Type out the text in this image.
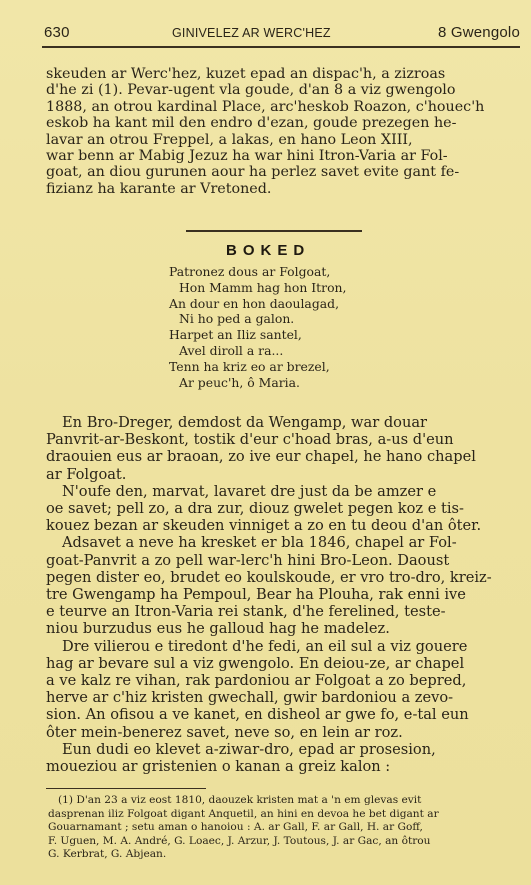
630	GINIVELEZ AR WERC'HEZ	8 Gwengolo

skeuden ar Werc'hez, kuzet epad an dispac'h, a zizroas
d'he zi (1). Pevar-ugent vla goude, d'an 8 a viz gwengolo
1888, an otrou kardinal Place, arc'heskob Roazon, c'houec'h
eskob ha kant mil den endro d'ezan, goude prezegen he-
lavar an otrou Freppel, a lakas, en hano Leon XIII,
war benn ar Mabig Jezuz ha war hini Itron-Varia ar Fol-
goat, an diou gurunen aour ha perlez savet evite gant fe-
fizianz ha karante ar Vretoned.

BOKED

Patronez dous ar Folgoat,
Hon Mamm hag hon Itron,
An dour en hon daoulagad,
Ni ho ped a galon.
Harpet an Iliz santel,
Avel diroll a ra...
Tenn ha kriz eo ar brezel,
Ar peuc'h, ô Maria.

En Bro-Dreger, demdost da Wengamp, war douar
Panvrit-ar-Beskont, tostik d'eur c'hoad bras, a-us d'eun
draouien eus ar braoan, zo ive eur chapel, he hano chapel
ar Folgoat.
N'oufe den, marvat, lavaret dre just da be amzer e
oe savet; pell zo, a dra zur, diouz gwelet pegen koz e tis-
kouez bezan ar skeuden vinniget a zo en tu deou d'an ôter.
Adsavet a neve ha kresket er bla 1846, chapel ar Fol-
goat-Panvrit a zo pell war-lerc'h hini Bro-Leon. Daoust
pegen dister eo, brudet eo koulskoude, er vro tro-dro, kreiz-
tre Gwengamp ha Pempoul, Bear ha Plouha, rak enni ive
e teurve an Itron-Varia rei stank, d'he ferelined, teste-
niou burzudus eus he galloud hag he madelez.
Dre vilierou e tiredont d'he fedi, an eil sul a viz gouere
hag ar bevare sul a viz gwengolo. En deiou-ze, ar chapel
a ve kalz re vihan, rak pardoniou ar Folgoat a zo bepred,
herve ar c'hiz kristen gwechall, gwir bardoniou a zevo-
sion. An ofisou a ve kanet, en disheol ar gwe fo, e-tal eun
ôter mein-benerez savet, neve so, en lein ar roz.
Eun dudi eo klevet a-ziwar-dro, epad ar prosesion,
moueziou ar gristenien o kanan a greiz kalon :

(1) D'an 23 a viz eost 1810, daouzek kristen mat a 'n em glevas evit
dasprenan iliz Folgoat digant Anquetil, an hini en devoa he bet digant ar
Gouarnamant ; setu aman o hanoiou : A. ar Gall, F. ar Gall, H. ar Goff,
F. Uguen, M. A. André, G. Loaec, J. Arzur, J. Toutous, J. ar Gac, an ôtrou
G. Kerbrat, G. Abjean.
